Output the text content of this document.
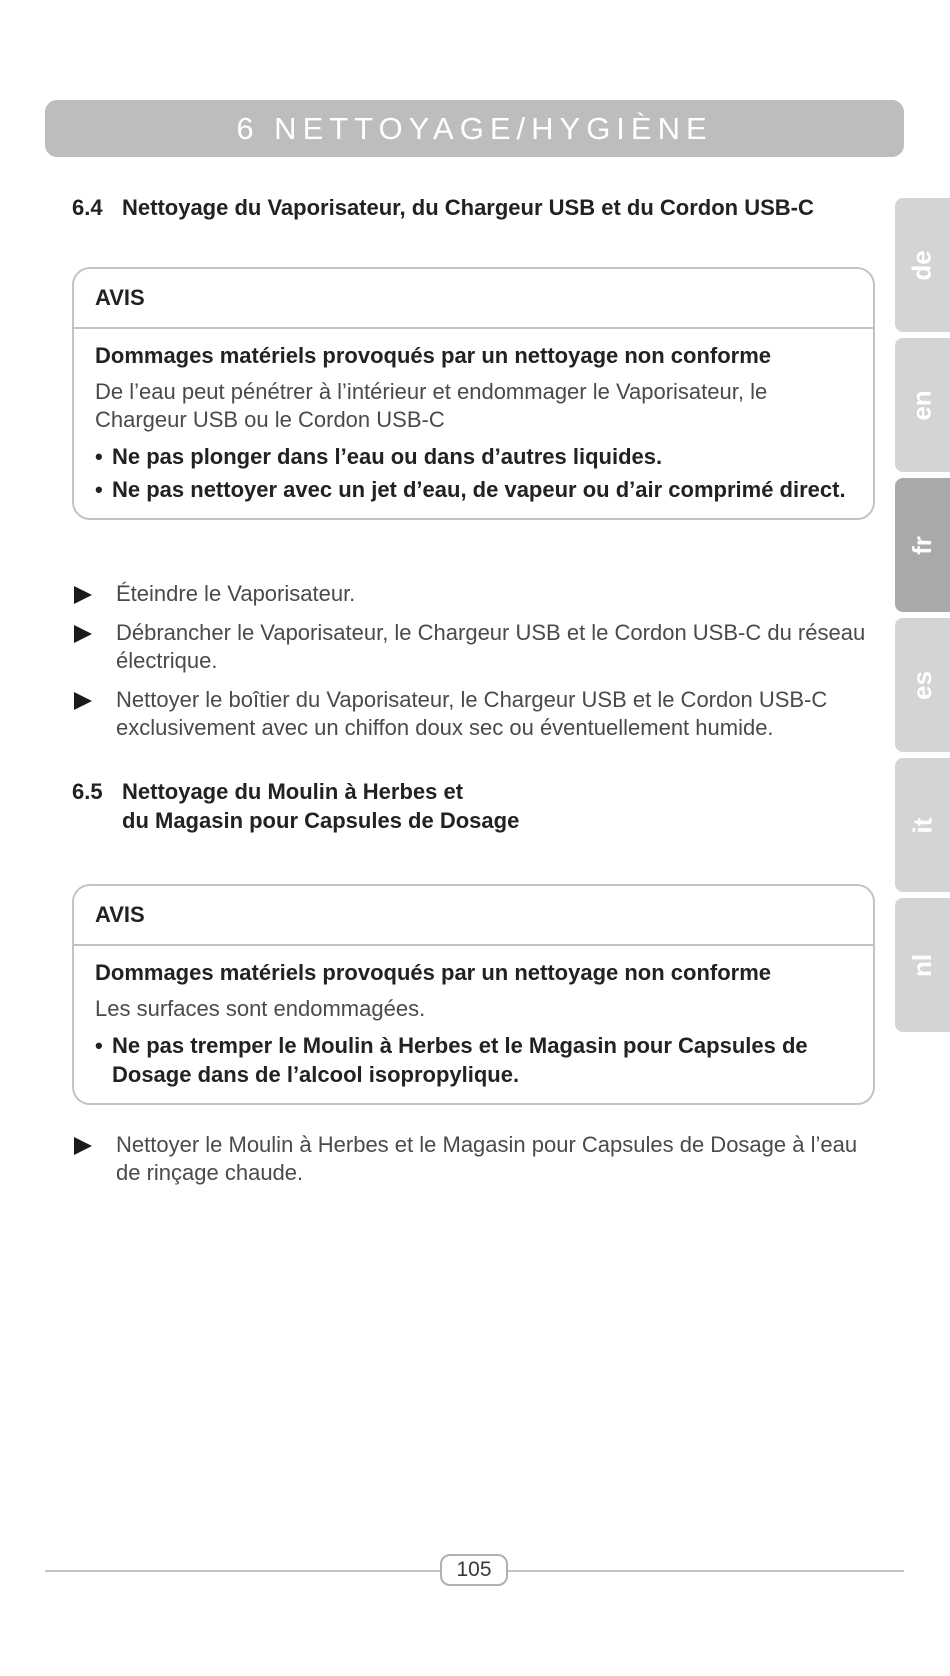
6 NETTOYAGE/HYGIÈNE
de
en
fr
es
it
nl
6.4 Nettoyage du Vaporisateur, du Chargeur USB et du Cordon USB-C
AVIS
Dommages matériels provoqués par un nettoyage non conforme
De l’eau peut pénétrer à l’intérieur et endommager le Vaporisateur, le Chargeur USB ou le Cordon USB-C
• Ne pas plonger dans l’eau ou dans d’autres liquides.
• Ne pas nettoyer avec un jet d’eau, de vapeur ou d’air comprimé direct.
Éteindre le Vaporisateur.
Débrancher le Vaporisateur, le Chargeur USB et le Cordon USB-C du réseau électrique.
Nettoyer le boîtier du Vaporisateur, le Chargeur USB et le Cordon USB-C exclusivement avec un chiffon doux sec ou éventuellement humide.
6.5 Nettoyage du Moulin à Herbes et
du Magasin pour Capsules de Dosage
AVIS
Dommages matériels provoqués par un nettoyage non conforme
Les surfaces sont endommagées.
• Ne pas tremper le Moulin à Herbes et le Magasin pour Capsules de Dosage dans de l’alcool isopropylique.
Nettoyer le Moulin à Herbes et le Magasin pour Capsules de Dosage à l’eau de rinçage chaude.
105
